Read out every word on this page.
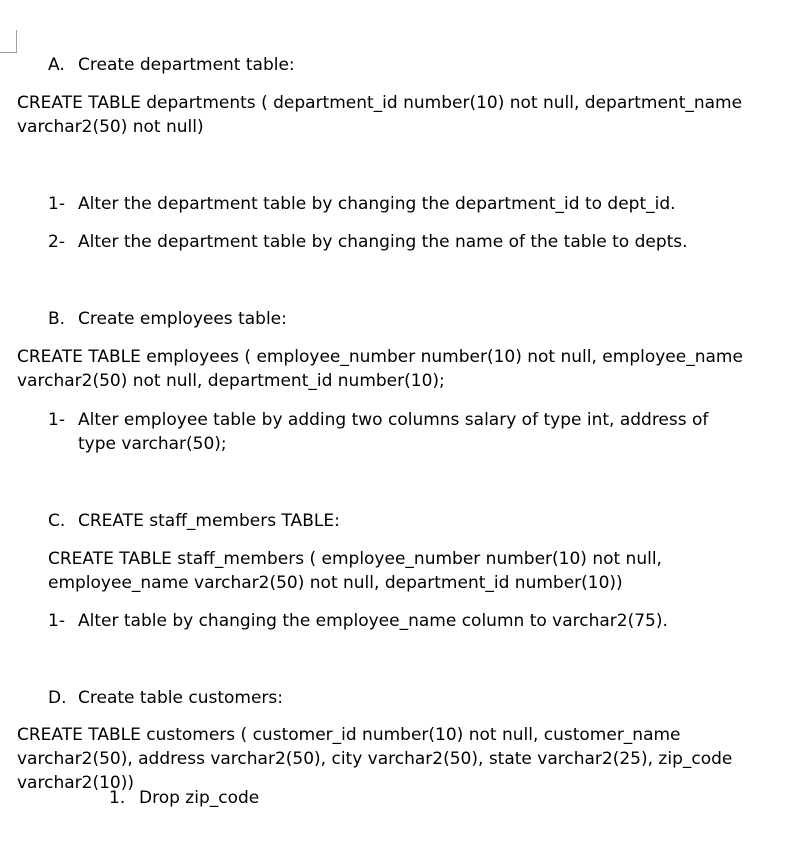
A. Create department table:
CREATE TABLE departments ( department_id number(10) not null, department_name varchar2(50) not null)
1- Alter the department table by changing the department_id to dept_id.
2- Alter the department table by changing the name of the table to depts.
B. Create employees table:
CREATE TABLE employees ( employee_number number(10) not null, employee_name varchar2(50) not null, department_id number(10);
1- Alter employee table by adding two columns salary of type int, address of type varchar(50);
C. CREATE staff_members TABLE:
CREATE TABLE staff_members ( employee_number number(10) not null, employee_name varchar2(50) not null, department_id number(10))
1- Alter table by changing the employee_name column to varchar2(75).
D. Create table customers:
CREATE TABLE customers ( customer_id number(10) not null, customer_name varchar2(50), address varchar2(50), city varchar2(50), state varchar2(25), zip_code varchar2(10))
1. Drop zip_code
